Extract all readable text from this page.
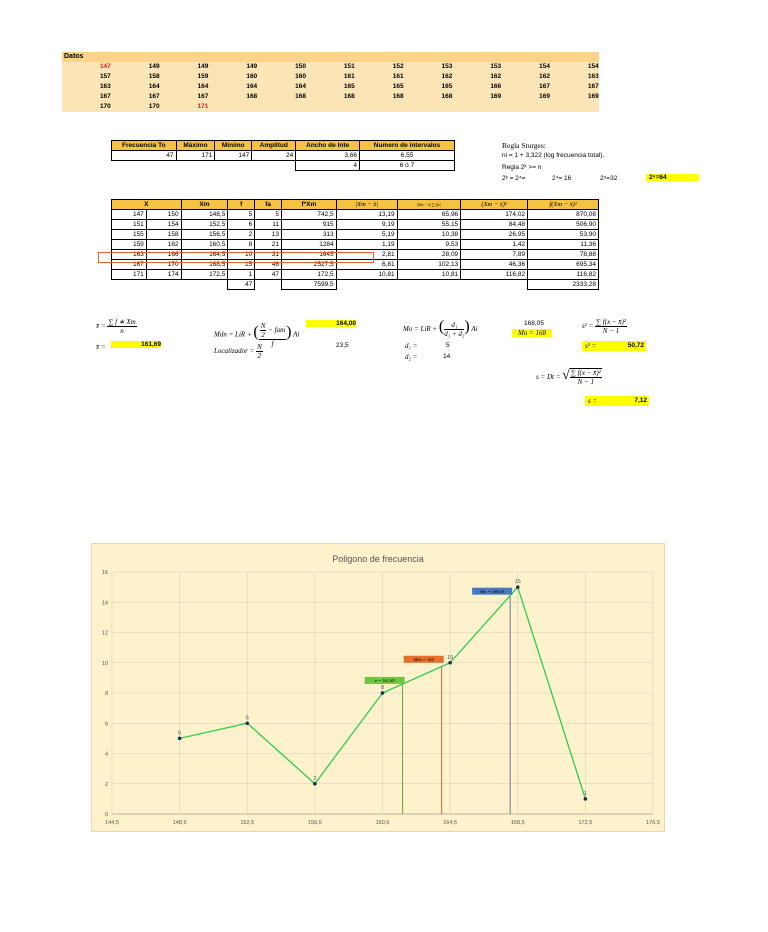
Datos
147	149	149	149	150	151	152	153	153	154	154
157	158	159	160	160	161	161	162	162	162	163
163	164	164	164	164	165	165	165	166	167	167
167	167	167	168	168	168	168	168	169	169	169
170	170	171
Frecuencia To	Máximo	Mínimo	Amplitud	Ancho de Inte	Numero de intervalos
47	171	147	24	3,66	6,55
				4	6 ó 7
Regla Sturges:
ni = 1 + 3,322 (log frecuencia total).
Regla 2ᵏ >= n
2ᵏ = 2⁴=	2⁴= 16	2⁵=32	2⁶=64
X		Xm	f	fa	f*Xm	|Xm − x̄|	|Xm − x̄| ∑ f|x|	(Xm − x̄)²	f(Xm − x̄)²
147	150	148,5	5	5	742,5	13,19	65,96	174,02	870,08
151	154	152,5	6	11	915	9,19	55,15	84,48	506,90
155	158	156,5	2	13	313	5,19	10,38	26,95	53,90
159	162	160,5	8	21	1284	1,19	9,53	1,42	11,36
163	166	164,5	10	31	1645	2,81	28,09	7,89	78,88
167	170	168,5	15	46	2527,5	6,81	102,13	46,36	695,34
171	174	172,5	1	47	172,5	10,81	10,81	116,82	116,82
			47		7599,5				2333,28
x̄ = $\frac{\sum f ∗ Xm}{n}$
x̄ =	161,69
Mdn = LiR + ( $\frac{\frac{N}{2} - fam}{f}$ ) Ai
164,00
Localizador = $\frac{N}{2}$	23,5
Mo = LiR + ( $\frac{\text{d₁}}{\text{d₁ + d₂}}$ ) Ai
168,05
Mo = 168
d₁ =	5
d₂ =	14
$s^2 = \frac{\text{∑ f(x − x̄)²}}{N - 1}$
s² =	50,72
s = Dt = √ $\frac{\text{∑ f(x − x̄)²}}{N - 1}$
s =	7,12
Poligono de frecuencia
0
2
4
6
8
10
12
14
16
144,5	148,5	152,5	156,5	160,5	164,5	168,5	172,5	176,5
5
6
2
8
10
15
1
x̄ = 161,69
Mdn = 164
Mo = 168,05
